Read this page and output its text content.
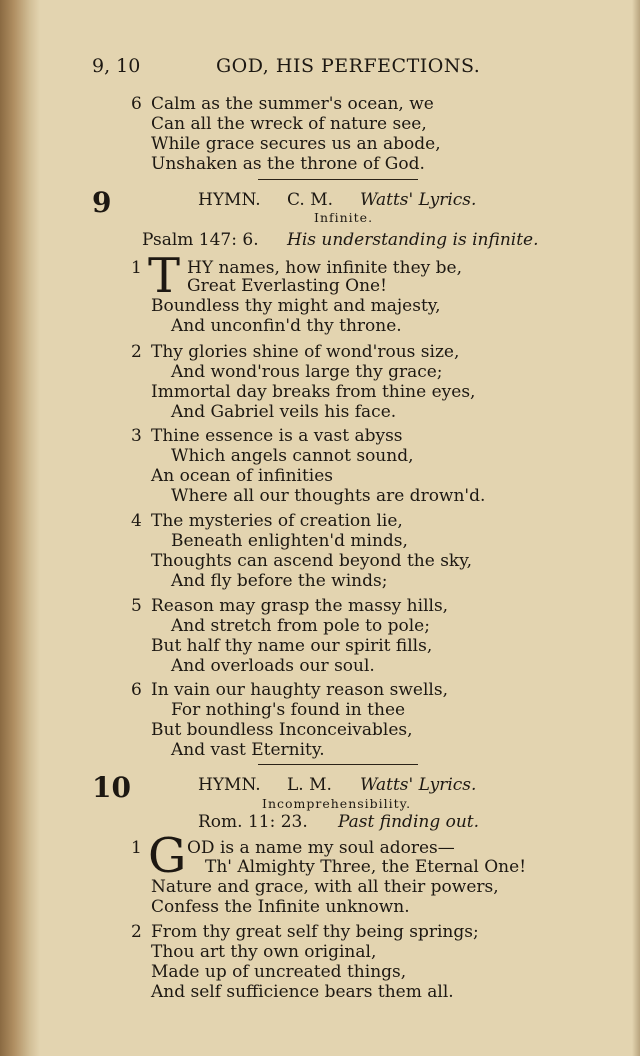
9, 10	GOD, HIS PERFECTIONS.
6 Calm as the summer's ocean, we
Can all the wreck of nature see,
While grace secures us an abode,
Unshaken as the throne of God.
9	HYMN. C. M. Watts' Lyrics.
Infinite.
Psalm 147: 6. His understanding is infinite.
1 T HY names, how infinite they be,
Great Everlasting One!
Boundless thy might and majesty,
And unconfin'd thy throne.
2 Thy glories shine of wond'rous size,
And wond'rous large thy grace;
Immortal day breaks from thine eyes,
And Gabriel veils his face.
3 Thine essence is a vast abyss
Which angels cannot sound,
An ocean of infinities
Where all our thoughts are drown'd.
4 The mysteries of creation lie,
Beneath enlighten'd minds,
Thoughts can ascend beyond the sky,
And fly before the winds;
5 Reason may grasp the massy hills,
And stretch from pole to pole;
But half thy name our spirit fills,
And overloads our soul.
6 In vain our haughty reason swells,
For nothing's found in thee
But boundless Inconceivables,
And vast Eternity.
10	HYMN. L. M. Watts' Lyrics.
Incomprehensibility.
Rom. 11: 23. Past finding out.
1 G OD is a name my soul adores—
Th' Almighty Three, the Eternal One!
Nature and grace, with all their powers,
Confess the Infinite unknown.
2 From thy great self thy being springs;
Thou art thy own original,
Made up of uncreated things,
And self sufficience bears them all.
